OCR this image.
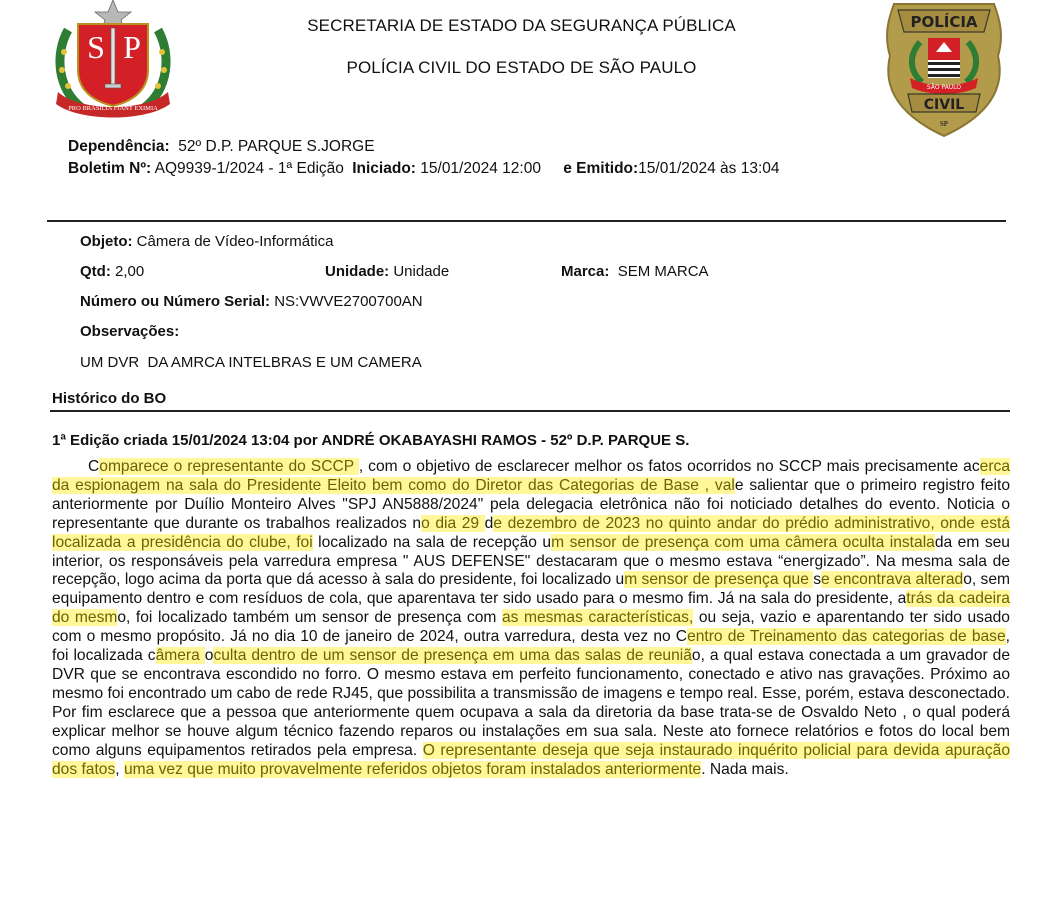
S P
PRO BRASILIA FIANT EXIMIA
SECRETARIA DE ESTADO DA SEGURANÇA PÚBLICA
POLÍCIA CIVIL DO ESTADO DE SÃO PAULO
POLÍCIA
SÃO PAULO
CIVIL
SP
Dependência: 52º D.P. PARQUE S.JORGE
Boletim Nº: AQ9939-1/2024 - 1ª Edição Iniciado: 15/01/2024 12:00 e Emitido:15/01/2024 às 13:04
Objeto: Câmera de Vídeo-Informática
Qtd: 2,00	Unidade: Unidade	Marca: SEM MARCA
Número ou Número Serial: NS:VWVE2700700AN
Observações:
UM DVR  DA AMRCA INTELBRAS E UM CAMERA
Histórico do BO
1ª Edição criada 15/01/2024 13:04 por ANDRÉ OKABAYASHI RAMOS - 52º D.P. PARQUE S.
Comparece o representante do SCCP , com o objetivo de esclarecer melhor os fatos ocorridos no SCCP mais precisamente acerca da espionagem na sala do Presidente Eleito bem como do Diretor das Categorias de Base , vale salientar que o primeiro registro feito anteriormente por Duílio Monteiro Alves "SPJ AN5888/2024" pela delegacia eletrônica não foi noticiado detalhes do evento. Noticia o representante que durante os trabalhos realizados no dia 29 de dezembro de 2023 no quinto andar do prédio administrativo, onde está localizada a presidência do clube, foi localizado na sala de recepção um sensor de presença com uma câmera oculta instalada em seu interior, os responsáveis pela varredura empresa " AUS DEFENSE" destacaram que o mesmo estava “energizado”. Na mesma sala de recepção, logo acima da porta que dá acesso à sala do presidente, foi localizado um sensor de presença que se encontrava alterado, sem equipamento dentro e com resíduos de cola, que aparentava ter sido usado para o mesmo fim. Já na sala do presidente, atrás da cadeira do mesmo, foi localizado também um sensor de presença com as mesmas características, ou seja, vazio e aparentando ter sido usado com o mesmo propósito. Já no dia 10 de janeiro de 2024, outra varredura, desta vez no Centro de Treinamento das categorias de base, foi localizada câmera oculta dentro de um sensor de presença em uma das salas de reunião, a qual estava conectada a um gravador de DVR que se encontrava escondido no forro. O mesmo estava em perfeito funcionamento, conectado e ativo nas gravações. Próximo ao mesmo foi encontrado um cabo de rede RJ45, que possibilita a transmissão de imagens e tempo real. Esse, porém, estava desconectado. Por fim esclarece que a pessoa que anteriormente quem ocupava a sala da diretoria da base trata-se de Osvaldo Neto , o qual poderá explicar melhor se houve algum técnico fazendo reparos ou instalações em sua sala. Neste ato fornece relatórios e fotos do local bem como alguns equipamentos retirados pela empresa. O representante deseja que seja instaurado inquérito policial para devida apuração dos fatos, uma vez que muito provavelmente referidos objetos foram instalados anteriormente. Nada mais.
